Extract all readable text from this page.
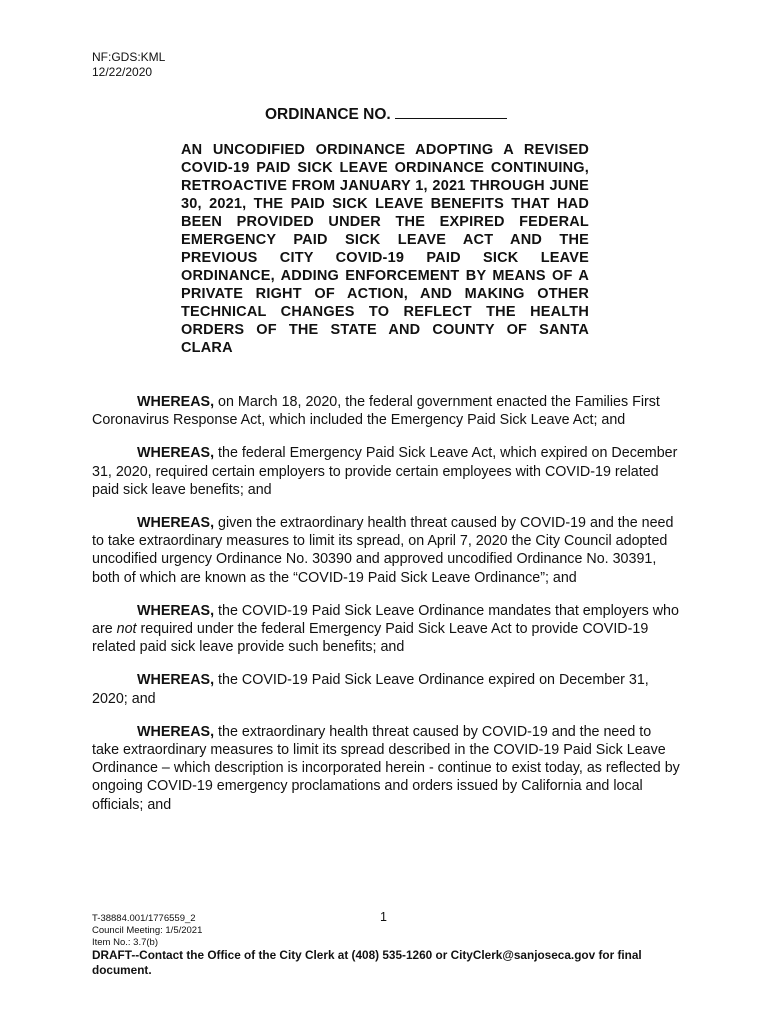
NF:GDS:KML
12/22/2020
ORDINANCE NO.
AN UNCODIFIED ORDINANCE ADOPTING A REVISED COVID-19 PAID SICK LEAVE ORDINANCE CONTINUING, RETROACTIVE FROM JANUARY 1, 2021 THROUGH JUNE 30, 2021, THE PAID SICK LEAVE BENEFITS THAT HAD BEEN PROVIDED UNDER THE EXPIRED FEDERAL EMERGENCY PAID SICK LEAVE ACT AND THE PREVIOUS CITY COVID-19 PAID SICK LEAVE ORDINANCE, ADDING ENFORCEMENT BY MEANS OF A PRIVATE RIGHT OF ACTION, AND MAKING OTHER TECHNICAL CHANGES TO REFLECT THE HEALTH ORDERS OF THE STATE AND COUNTY OF SANTA CLARA

WHEREAS, on March 18, 2020, the federal government enacted the Families First Coronavirus Response Act, which included the Emergency Paid Sick Leave Act; and

WHEREAS, the federal Emergency Paid Sick Leave Act, which expired on December 31, 2020, required certain employers to provide certain employees with COVID-19 related paid sick leave benefits; and

WHEREAS, given the extraordinary health threat caused by COVID-19 and the need to take extraordinary measures to limit its spread, on April 7, 2020 the City Council adopted uncodified urgency Ordinance No. 30390 and approved uncodified Ordinance No. 30391, both of which are known as the “COVID-19 Paid Sick Leave Ordinance”; and

WHEREAS, the COVID-19 Paid Sick Leave Ordinance mandates that employers who are not required under the federal Emergency Paid Sick Leave Act to provide COVID-19 related paid sick leave provide such benefits; and

WHEREAS, the COVID-19 Paid Sick Leave Ordinance expired on December 31, 2020; and

WHEREAS, the extraordinary health threat caused by COVID-19 and the need to take extraordinary measures to limit its spread described in the COVID-19 Paid Sick Leave Ordinance – which description is incorporated herein - continue to exist today, as reflected by ongoing COVID-19 emergency proclamations and orders issued by California and local officials; and

T-38884.001/1776559_2
Council Meeting: 1/5/2021
Item No.: 3.7(b)
1
DRAFT--Contact the Office of the City Clerk at (408) 535-1260 or CityClerk@sanjoseca.gov for final document.
